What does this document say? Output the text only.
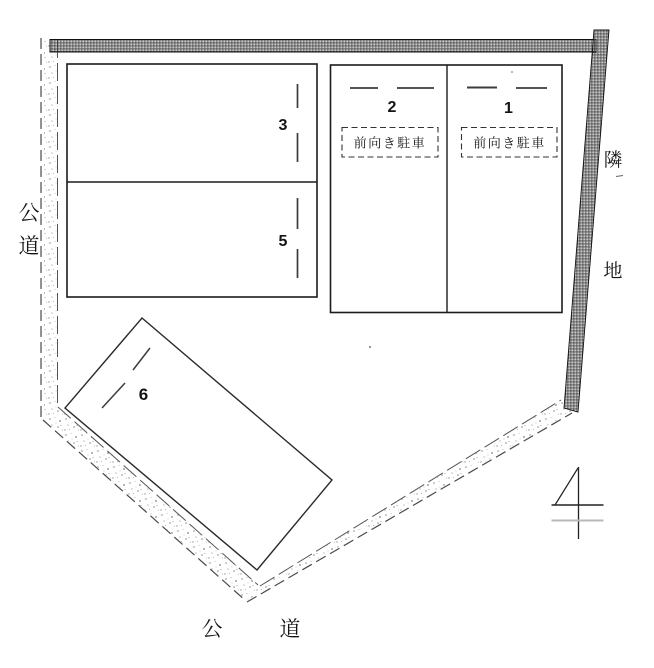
3
5
2	1
前向き駐車	前向き駐車
6
公
道
隣
地
公	道
